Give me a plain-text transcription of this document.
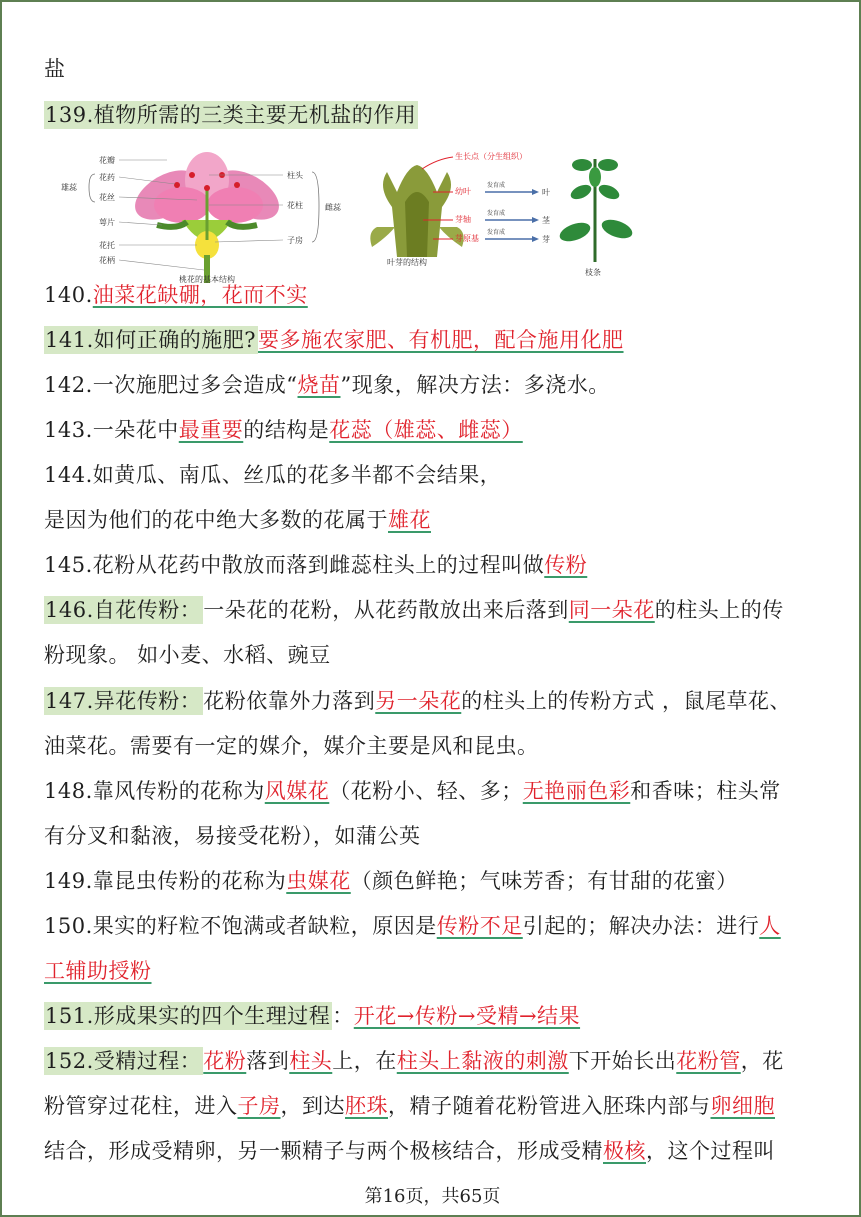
盐
139.植物所需的三类主要无机盐的作用
花瓣
花药
花丝
萼片
花托
花柄
雄蕊
柱头
花柱
子房
雌蕊
桃花的基本结构
生长点（分生组织）
幼叶
芽轴
芽原基
发育成
发育成
发育成
叶
茎
芽
叶芽的结构
枝条
140.油菜花缺硼，花而不实
141.如何正确的施肥?要多施农家肥、有机肥，配合施用化肥
142.一次施肥过多会造成“烧苗”现象，解决方法：多浇水。
143.一朵花中最重要的结构是花蕊（雄蕊、雌蕊）
144.如黄瓜、南瓜、丝瓜的花多半都不会结果，
是因为他们的花中绝大多数的花属于雄花
145.花粉从花药中散放而落到雌蕊柱头上的过程叫做传粉
146.自花传粉：一朵花的花粉，从花药散放出来后落到同一朵花的柱头上的传
粉现象。 如小麦、水稻、豌豆
147.异花传粉：花粉依靠外力落到另一朵花的柱头上的传粉方式 ，鼠尾草花、
油菜花。需要有一定的媒介，媒介主要是风和昆虫。
148.靠风传粉的花称为风媒花（花粉小、轻、多；无艳丽色彩和香味；柱头常
有分叉和黏液，易接受花粉），如蒲公英
149.靠昆虫传粉的花称为虫媒花（颜色鲜艳；气味芳香；有甘甜的花蜜）
150.果实的籽粒不饱满或者缺粒，原因是传粉不足引起的；解决办法：进行人
工辅助授粉
151.形成果实的四个生理过程：开花→传粉→受精→结果
152.受精过程：花粉落到柱头上，在柱头上黏液的刺激下开始长出花粉管，花
粉管穿过花柱，进入子房，到达胚珠，精子随着花粉管进入胚珠内部与卵细胞
结合，形成受精卵，另一颗精子与两个极核结合，形成受精极核，这个过程叫
第16页，共65页
